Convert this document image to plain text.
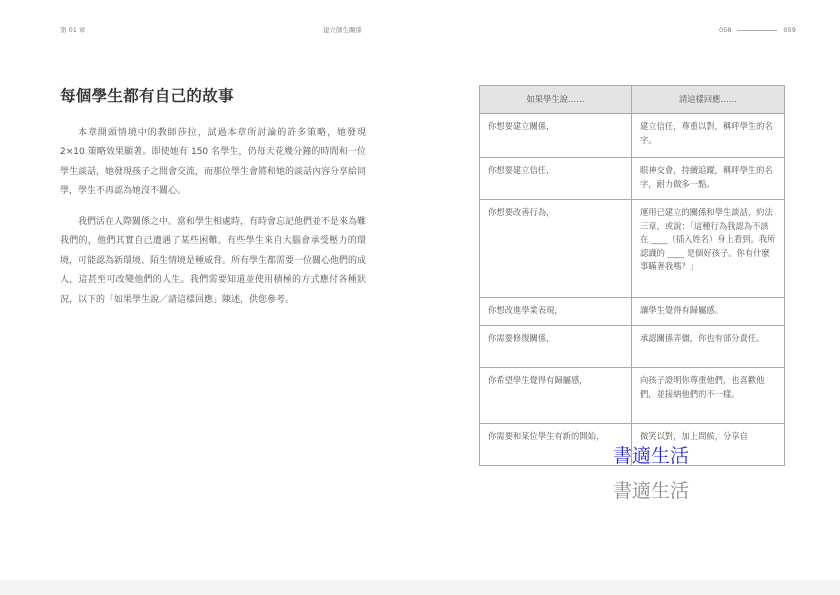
第 01 章	建立師生關係	058	059
每個學生都有自己的故事

本章開頭情境中的教師莎拉，試過本章所討論的許多策略，她發現 2×10 策略效果顯著。即使她有 150 名學生，仍每天花幾分鐘的時間和一位學生談話，她發現孩子之間會交流，而那位學生會將和她的談話內容分享給同學，學生不再認為她沒不關心。

我們活在人際關係之中。當和學生相處時，有時會忘記他們並不是來為難我們的，他們其實自己遭遇了某些困難。有些學生來自大腦會承受壓力的環境，可能認為新環境、陌生情境是種威脅。所有學生都需要一位關心他們的成人，這甚至可改變他們的人生。我們需要知道並使用積極的方式應付各種狀況，以下的「如果學生說／請這樣回應」陳述，供您參考。

如果學生說……	請這樣回應……
你想要建立關係，	建立信任，尊重以對，稱呼學生的名字。
你想要建立信任，	眼神交會，持續追蹤，稱呼學生的名字，耐力做多一點。
你想要改善行為，	運用已建立的關係和學生談話，約法三章，或說：「這種行為我認為不該在 ____（插入姓名）身上看到。我所認識的 ____ 是個好孩子。你有什麼事瞞著我嗎？」
你想改進學業表現，	讓學生覺得有歸屬感。
你需要修復關係，	承認關係弄僵，你也有部分責任。
你希望學生覺得有歸屬感，	向孩子證明你尊重他們，也喜歡他們，並接納他們的不一樣。
你需要和某位學生有新的開始，	微笑以對，加上問候，分享自
書適生活
書適生活
